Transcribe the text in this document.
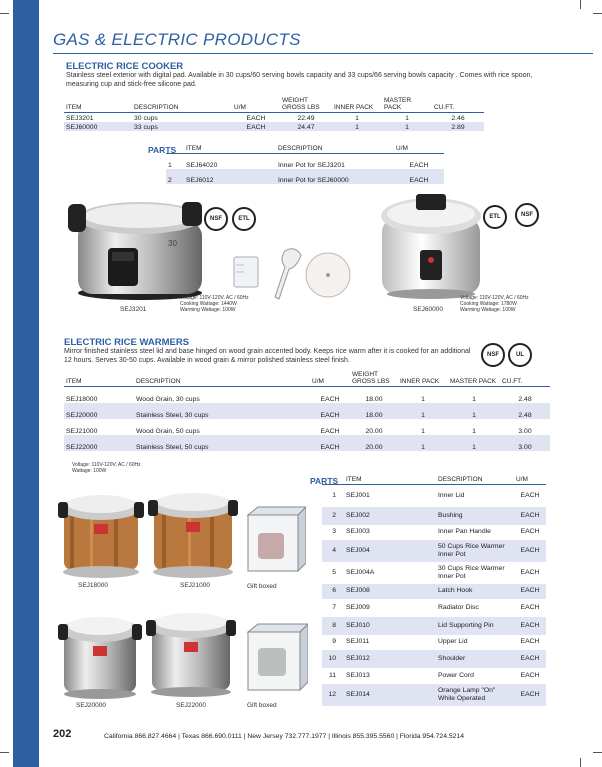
GAS & ELECTRIC PRODUCTS
ELECTRIC RICE COOKER
Stainless steel exterior with digital pad. Available in 30 cups/60 serving bowls capacity and 33 cups/66 serving bowls capacity . Comes with rice spoon, measuring cup and stick-free silicone pad.
ITEM	DESCRIPTION	U/M	WEIGHT GROSS LBS	INNER PACK	MASTER PACK	CU.FT.
SEJ3201	30 cups	EACH	22.49	1	1	2.46
SEJ60000	33 cups	EACH	24.47	1	1	2.89
PARTS
	ITEM	DESCRIPTION	U/M
1	SEJ64020	Inner Pot for SEJ3201	EACH
2	SEJ6012	Inner Pot for SEJ60000	EACH
30
NSF	ETL
SEJ3201
Voltage: 110V-120V, AC / 60Hz
Cooking Wattage: 1440W
Warming Wattage: 100W
ETL	NSF
SEJ60000
Voltage: 110V-120V, AC / 60Hz
Cooking Wattage: 1780W
Warming Wattage: 100W
ELECTRIC RICE WARMERS
Mirror finished stainless steel lid and base hinged on wood grain accented body. Keeps rice warm after it is cooked for an additional 12 hours. Serves 30-50 cups. Available in wood grain & mirror polished stainless steel finish.
NSF	UL
ITEM	DESCRIPTION	U/M	WEIGHT GROSS LBS	INNER PACK	MASTER PACK	CU.FT.
SEJ18000	Wood Grain, 30 cups	EACH	18.00	1	1	2.48
SEJ20000	Stainless Steel, 30 cups	EACH	18.00	1	1	2.48
SEJ21000	Wood Grain, 50 cups	EACH	20.00	1	1	3.00
SEJ22000	Stainless Steel, 50 cups	EACH	20.00	1	1	3.00
Voltage: 110V-120V, AC / 60Hz
Wattage: 100W
SEJ18000	SEJ21000	Gift boxed
SEJ20000	SEJ22000	Gift boxed
PARTS
	ITEM	DESCRIPTION	U/M
1	SEJ001	Inner Lid	EACH
2	SEJ002	Bushing	EACH
3	SEJ003	Inner Pan Handle	EACH
4	SEJ004	50 Cups Rice Warmer Inner Pot	EACH
5	SEJ004A	30 Cups Rice Warmer Inner Pot	EACH
6	SEJ008	Latch Hook	EACH
7	SEJ009	Radiator Disc	EACH
8	SEJ010	Lid Supporting Pin	EACH
9	SEJ011	Upper Lid	EACH
10	SEJ012	Shoulder	EACH
11	SEJ013	Power Cord	EACH
12	SEJ014	Orange Lamp "On" While Operated	EACH
202	California 866.827.4664 | Texas 866.690.0111 | New Jersey 732.777.1977 | Illinois 855.395.5560 | Florida 954.724.5214
